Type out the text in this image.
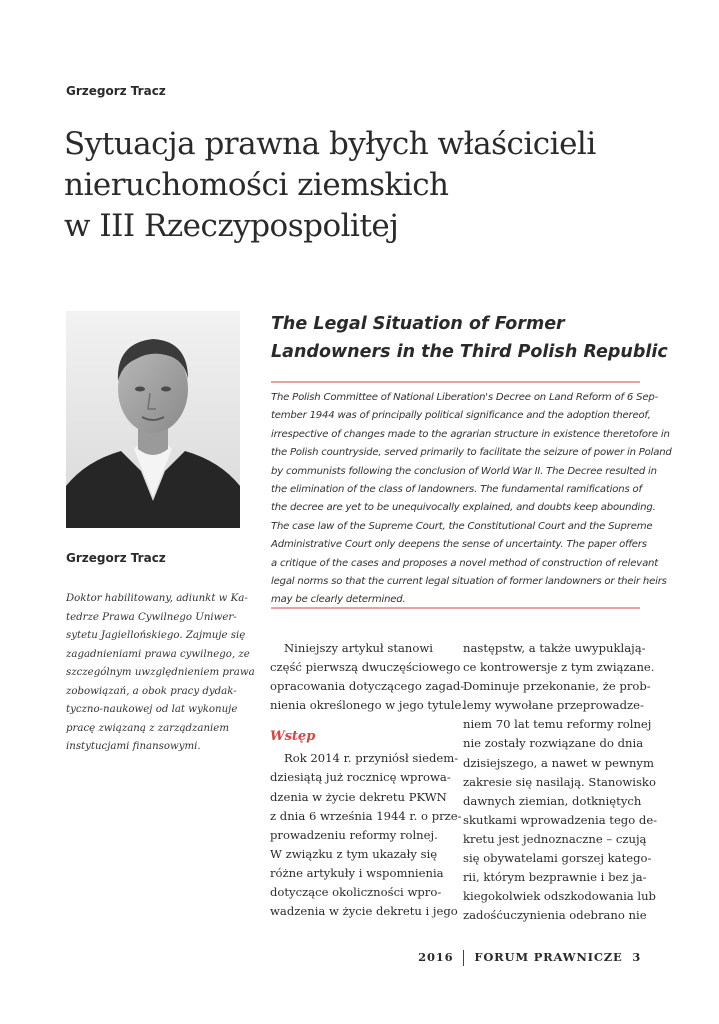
Grzegorz Tracz
Sytuacja prawna byłych właścicieli
nieruchomości ziemskich
w III Rzeczypospolitej
Grzegorz Tracz
Doktor habilitowany, adiunkt w Ka-
tedrze Prawa Cywilnego Uniwer-
sytetu Jagiellońskiego. Zajmuje się
zagadnieniami prawa cywilnego, ze
szczególnym uwzględnieniem prawa
zobowiązań, a obok pracy dydak-
tyczno-naukowej od lat wykonuje
pracę związaną z zarządzaniem
instytucjami finansowymi.
The Legal Situation of Former
Landowners in the Third Polish Republic
The Polish Committee of National Liberation's Decree on Land Reform of 6 Sep-
tember 1944 was of principally political significance and the adoption thereof,
irrespective of changes made to the agrarian structure in existence theretofore in
the Polish countryside, served primarily to facilitate the seizure of power in Poland
by communists following the conclusion of World War II. The Decree resulted in
the elimination of the class of landowners. The fundamental ramifications of
the decree are yet to be unequivocally explained, and doubts keep abounding.
The case law of the Supreme Court, the Constitutional Court and the Supreme
Administrative Court only deepens the sense of uncertainty. The paper offers
a critique of the cases and proposes a novel method of construction of relevant
legal norms so that the current legal situation of former landowners or their heirs
may be clearly determined.
Niniejszy artykuł stanowi
część pierwszą dwuczęściowego
opracowania dotyczącego zagad-
nienia określonego w jego tytule.
Wstęp
Rok 2014 r. przyniósł siedem-
dziesiątą już rocznicę wprowa-
dzenia w życie dekretu PKWN
z dnia 6 września 1944 r. o prze-
prowadzeniu reformy rolnej.
W związku z tym ukazały się
różne artykuły i wspomnienia
dotyczące okoliczności wpro-
wadzenia w życie dekretu i jego
następstw, a także uwypuklają-
ce kontrowersje z tym związane.
Dominuje przekonanie, że prob-
lemy wywołane przeprowadze-
niem 70 lat temu reformy rolnej
nie zostały rozwiązane do dnia
dzisiejszego, a nawet w pewnym
zakresie się nasilają. Stanowisko
dawnych ziemian, dotkniętych
skutkami wprowadzenia tego de-
kretu jest jednoznaczne – czują
się obywatelami gorszej katego-
rii, którym bezprawnie i bez ja-
kiegokolwiek odszkodowania lub
zadośćuczynienia odebrano nie
2016 FORUM PRAWNICZE 3
